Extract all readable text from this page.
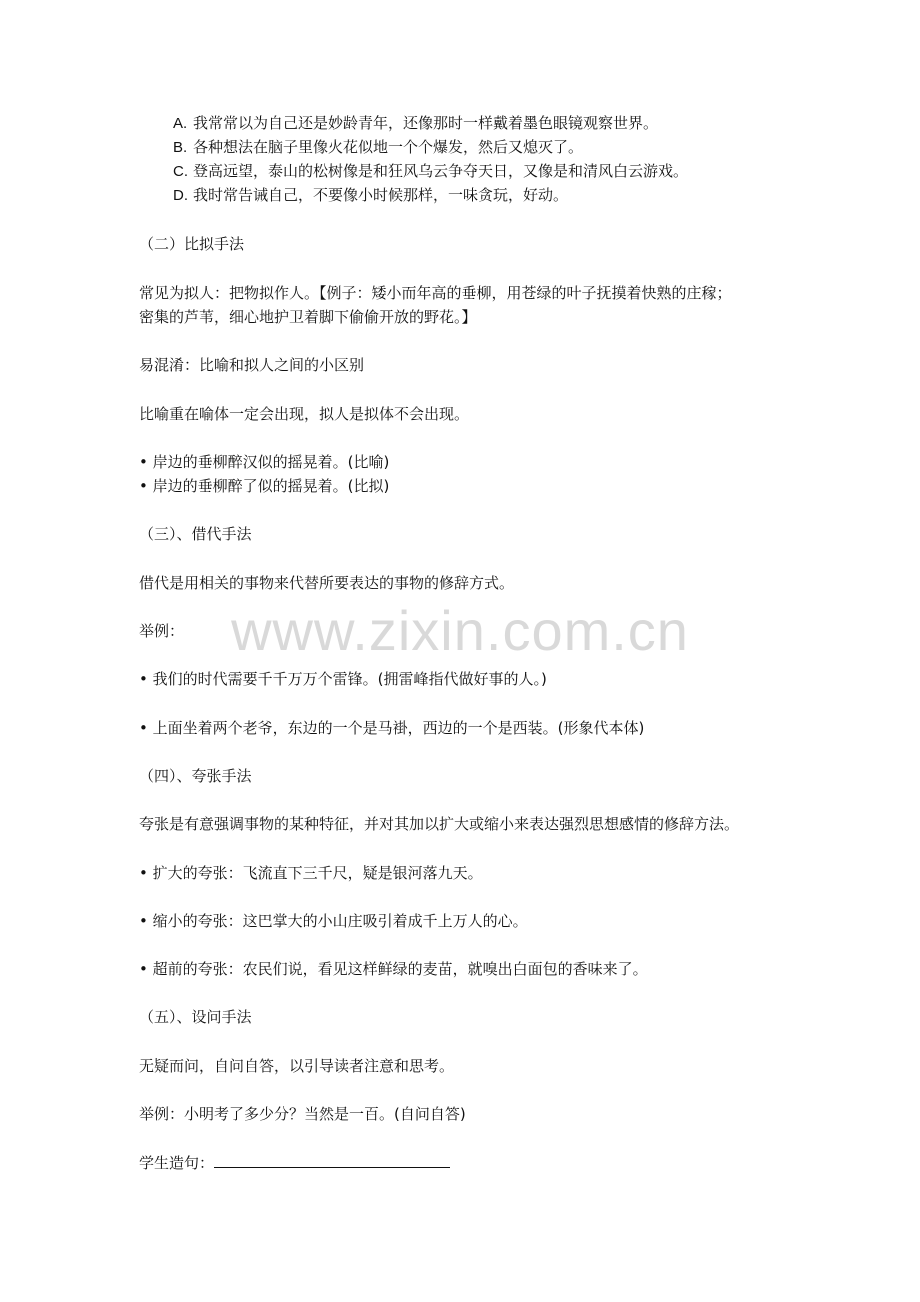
A. 我常常以为自己还是妙龄青年，还像那时一样戴着墨色眼镜观察世界。
B. 各种想法在脑子里像火花似地一个个爆发，然后又熄灭了。
C. 登高远望，泰山的松树像是和狂风乌云争夺天日，又像是和清风白云游戏。
D. 我时常告诫自己，不要像小时候那样，一味贪玩，好动。
（二）比拟手法
常见为拟人：把物拟作人。【例子：矮小而年高的垂柳，用苍绿的叶子抚摸着快熟的庄稼；
密集的芦苇，细心地护卫着脚下偷偷开放的野花。】
易混淆：比喻和拟人之间的小区别
比喻重在喻体一定会出现，拟人是拟体不会出现。
• 岸边的垂柳醉汉似的摇晃着。(比喻)
• 岸边的垂柳醉了似的摇晃着。(比拟)
（三）、借代手法
借代是用相关的事物来代替所要表达的事物的修辞方式。
举例：
• 我们的时代需要千千万万个雷锋。(拥雷峰指代做好事的人。)
• 上面坐着两个老爷，东边的一个是马褂，西边的一个是西装。(形象代本体)
（四）、夸张手法
夸张是有意强调事物的某种特征，并对其加以扩大或缩小来表达强烈思想感情的修辞方法。
• 扩大的夸张：飞流直下三千尺，疑是银河落九天。
• 缩小的夸张：这巴掌大的小山庄吸引着成千上万人的心。
• 超前的夸张：农民们说，看见这样鲜绿的麦苗，就嗅出白面包的香味来了。
（五）、设问手法
无疑而问，自问自答，以引导读者注意和思考。
举例：小明考了多少分？当然是一百。(自问自答)
学生造句：
www.zixin.com.cn
